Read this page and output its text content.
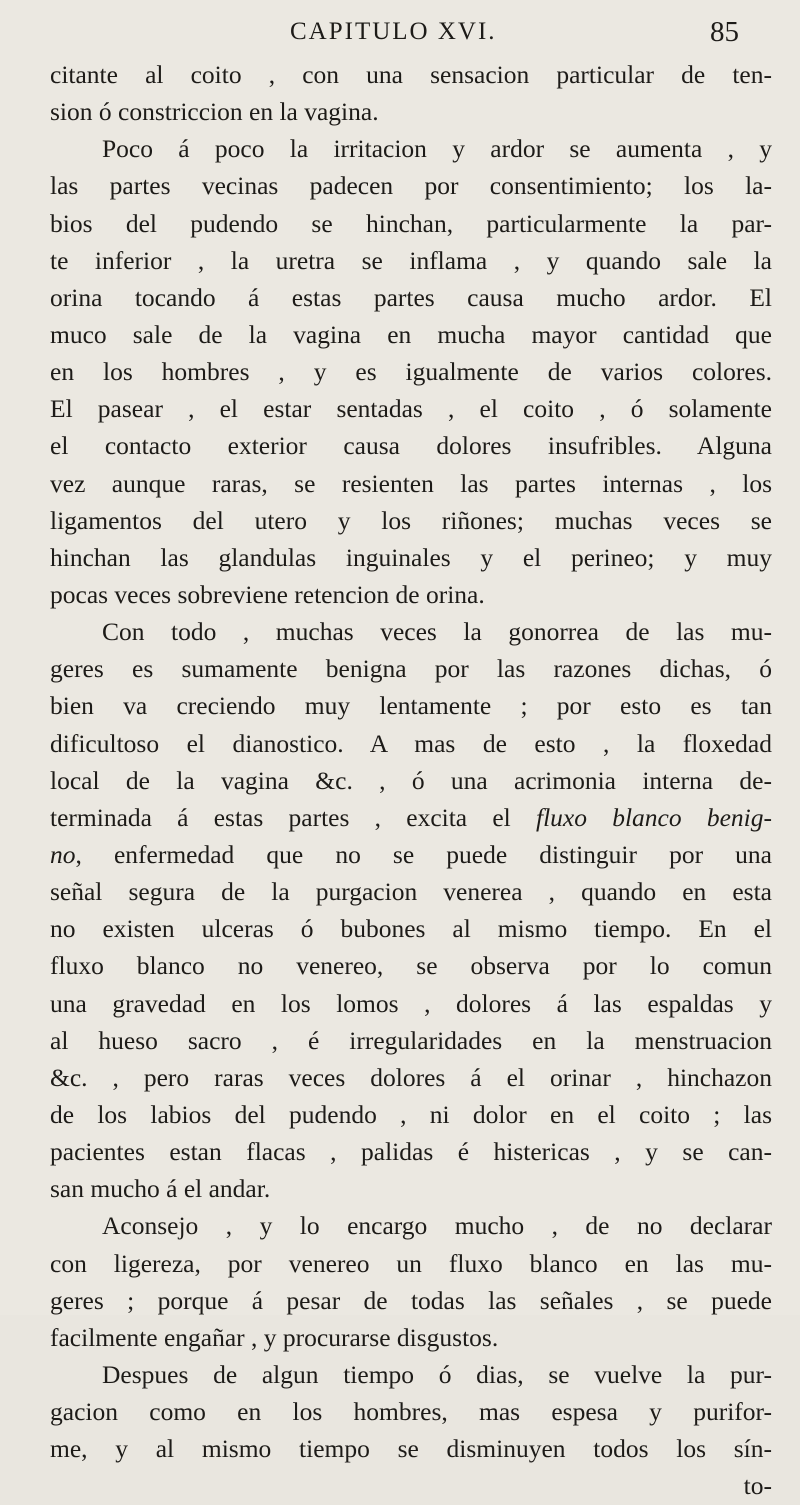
CAPITULO XVI.	85
citante al coito , con una sensacion particular de ten-
sion ó constriccion en la vagina.
Poco á poco la irritacion y ardor se aumenta , y
las partes vecinas padecen por consentimiento; los la-
bios del pudendo se hinchan, particularmente la par-
te inferior , la uretra se inflama , y quando sale la
orina tocando á estas partes causa mucho ardor. El
muco sale de la vagina en mucha mayor cantidad que
en los hombres , y es igualmente de varios colores.
El pasear , el estar sentadas , el coito , ó solamente
el contacto exterior causa dolores insufribles. Alguna
vez aunque raras, se resienten las partes internas , los
ligamentos del utero y los riñones; muchas veces se
hinchan las glandulas inguinales y el perineo; y muy
pocas veces sobreviene retencion de orina.
Con todo , muchas veces la gonorrea de las mu-
geres es sumamente benigna por las razones dichas, ó
bien va creciendo muy lentamente ; por esto es tan
dificultoso el dianostico. A mas de esto , la floxedad
local de la vagina &c. , ó una acrimonia interna de-
terminada á estas partes , excita el fluxo blanco benig-
no, enfermedad que no se puede distinguir por una
señal segura de la purgacion venerea , quando en esta
no existen ulceras ó bubones al mismo tiempo. En el
fluxo blanco no venereo, se observa por lo comun
una gravedad en los lomos , dolores á las espaldas y
al hueso sacro , é irregularidades en la menstruacion
&c. , pero raras veces dolores á el orinar , hinchazon
de los labios del pudendo , ni dolor en el coito ; las
pacientes estan flacas , palidas é histericas , y se can-
san mucho á el andar.
Aconsejo , y lo encargo mucho , de no declarar
con ligereza, por venereo un fluxo blanco en las mu-
geres ; porque á pesar de todas las señales , se puede
facilmente engañar , y procurarse disgustos.
Despues de algun tiempo ó dias, se vuelve la pur-
gacion como en los hombres, mas espesa y purifor-
me, y al mismo tiempo se disminuyen todos los sín-
to-
